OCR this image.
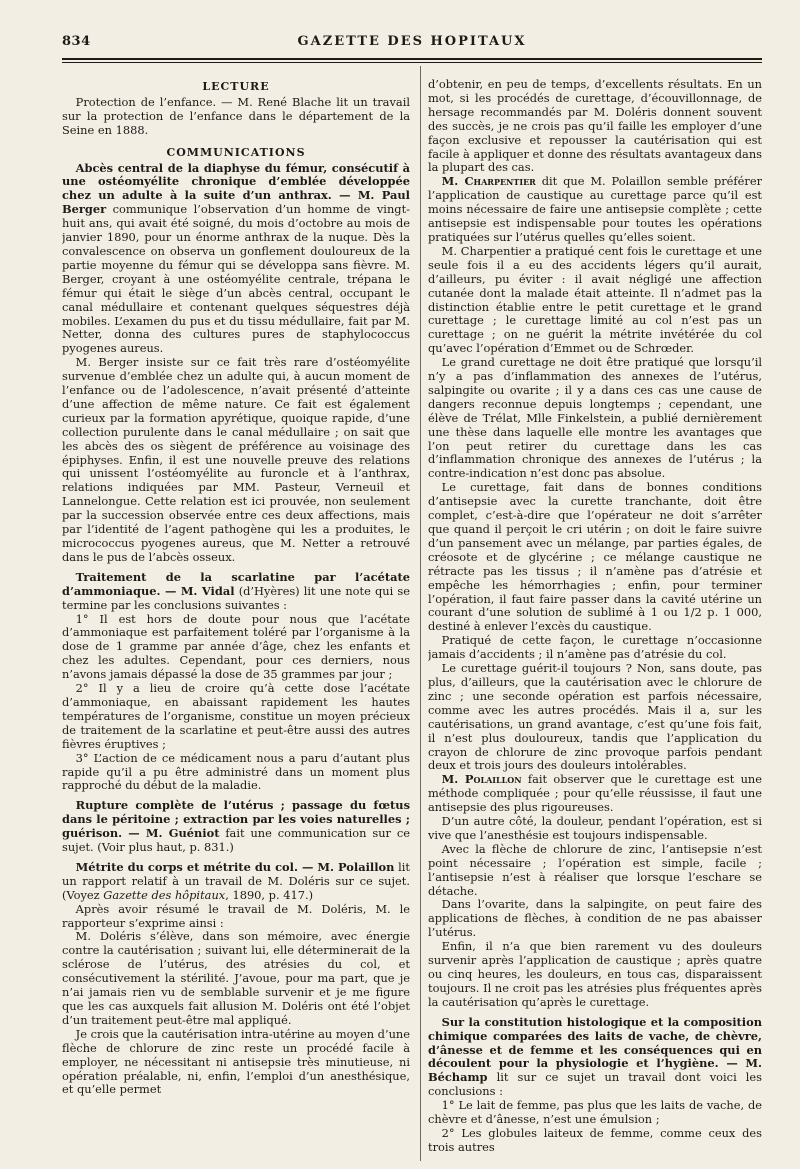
834	GAZETTE DES HOPITAUX
LECTURE

Protection de l’enfance. — M. René Blache lit un travail sur la protection de l’enfance dans le département de la Seine en 1888.

COMMUNICATIONS

Abcès central de la diaphyse du fémur, consécutif à une ostéomyélite chronique d’emblée développée chez un adulte à la suite d’un anthrax. — M. Paul Berger communique l’observation d’un homme de vingt-huit ans, qui avait été soigné, du mois d’octobre au mois de janvier 1890, pour un énorme anthrax de la nuque. Dès la convalescence on observa un gonflement douloureux de la partie moyenne du fémur qui se développa sans fièvre. M. Berger, croyant à une ostéomyélite centrale, trépana le fémur qui était le siège d’un abcès central, occupant le canal médullaire et contenant quelques séquestres déjà mobiles. L’examen du pus et du tissu médullaire, fait par M. Netter, donna des cultures pures de staphylococcus pyogenes aureus.

M. Berger insiste sur ce fait très rare d’ostéomyélite survenue d’emblée chez un adulte qui, à aucun moment de l’enfance ou de l’adolescence, n’avait présenté d’atteinte d’une affection de même nature. Ce fait est également curieux par la formation apyrétique, quoique rapide, d’une collection purulente dans le canal médullaire ; on sait que les abcès des os siègent de préférence au voisinage des épiphyses. Enfin, il est une nouvelle preuve des relations qui unissent l’ostéomyélite au furoncle et à l’anthrax, relations indiquées par MM. Pasteur, Verneuil et Lannelongue. Cette relation est ici prouvée, non seulement par la succession observée entre ces deux affections, mais par l’identité de l’agent pathogène qui les a produites, le micrococcus pyogenes aureus, que M. Netter a retrouvé dans le pus de l’abcès osseux.

Traitement de la scarlatine par l’acétate d’ammoniaque. — M. Vidal (d’Hyères) lit une note qui se termine par les conclusions suivantes :

1° Il est hors de doute pour nous que l’acétate d’ammoniaque est parfaitement toléré par l’organisme à la dose de 1 gramme par année d’âge, chez les enfants et chez les adultes. Cependant, pour ces derniers, nous n’avons jamais dépassé la dose de 35 grammes par jour ;

2° Il y a lieu de croire qu’à cette dose l’acétate d’ammoniaque, en abaissant rapidement les hautes températures de l’organisme, constitue un moyen précieux de traitement de la scarlatine et peut-être aussi des autres fièvres éruptives ;

3° L’action de ce médicament nous a paru d’autant plus rapide qu’il a pu être administré dans un moment plus rapproché du début de la maladie.

Rupture complète de l’utérus ; passage du fœtus dans le péritoine ; extraction par les voies naturelles ; guérison. — M. Guéniot fait une communication sur ce sujet. (Voir plus haut, p. 831.)

Métrite du corps et métrite du col. — M. Polaillon lit un rapport relatif à un travail de M. Doléris sur ce sujet. (Voyez Gazette des hôpitaux, 1890, p. 417.)

Après avoir résumé le travail de M. Doléris, M. le rapporteur s’exprime ainsi :

M. Doléris s’élève, dans son mémoire, avec énergie contre la cautérisation ; suivant lui, elle déterminerait de la sclérose de l’utérus, des atrésies du col, et consécutivement la stérilité. J’avoue, pour ma part, que je n’ai jamais rien vu de semblable survenir et je me figure que les cas auxquels fait allusion M. Doléris ont été l’objet d’un traitement peut-être mal appliqué.

Je crois que la cautérisation intra-utérine au moyen d’une flèche de chlorure de zinc reste un procédé facile à employer, ne nécessitant ni antisepsie très minutieuse, ni opération préalable, ni, enfin, l’emploi d’un anesthésique, et qu’elle permet

d’obtenir, en peu de temps, d’excellents résultats. En un mot, si les procédés de curettage, d’écouvillonnage, de hersage recommandés par M. Doléris donnent souvent des succès, je ne crois pas qu’il faille les employer d’une façon exclusive et repousser la cautérisation qui est facile à appliquer et donne des résultats avantageux dans la plupart des cas.

M. Charpentier dit que M. Polaillon semble préférer l’application de caustique au curettage parce qu’il est moins nécessaire de faire une antisepsie complète ; cette antisepsie est indispensable pour toutes les opérations pratiquées sur l’utérus quelles qu’elles soient.

M. Charpentier a pratiqué cent fois le curettage et une seule fois il a eu des accidents légers qu’il aurait, d’ailleurs, pu éviter : il avait négligé une affection cutanée dont la malade était atteinte. Il n’admet pas la distinction établie entre le petit curettage et le grand curettage ; le curettage limité au col n’est pas un curettage ; on ne guérit la métrite invétérée du col qu’avec l’opération d’Emmet ou de Schrœder.

Le grand curettage ne doit être pratiqué que lorsqu’il n’y a pas d’inflammation des annexes de l’utérus, salpingite ou ovarite ; il y a dans ces cas une cause de dangers reconnue depuis longtemps ; cependant, une élève de Trélat, Mlle Finkelstein, a publié dernièrement une thèse dans laquelle elle montre les avantages que l’on peut retirer du curettage dans les cas d’inflammation chronique des annexes de l’utérus ; la contre-indication n’est donc pas absolue.

Le curettage, fait dans de bonnes conditions d’antisepsie avec la curette tranchante, doit être complet, c’est-à-dire que l’opérateur ne doit s’arrêter que quand il perçoit le cri utérin ; on doit le faire suivre d’un pansement avec un mélange, par parties égales, de créosote et de glycérine ; ce mélange caustique ne rétracte pas les tissus ; il n’amène pas d’atrésie et empêche les hémorrhagies ; enfin, pour terminer l’opération, il faut faire passer dans la cavité utérine un courant d’une solution de sublimé à 1 ou 1/2 p. 1 000, destiné à enlever l’excès du caustique.

Pratiqué de cette façon, le curettage n’occasionne jamais d’accidents ; il n’amène pas d’atrésie du col.

Le curettage guérit-il toujours ? Non, sans doute, pas plus, d’ailleurs, que la cautérisation avec le chlorure de zinc ; une seconde opération est parfois nécessaire, comme avec les autres procédés. Mais il a, sur les cautérisations, un grand avantage, c’est qu’une fois fait, il n’est plus douloureux, tandis que l’application du crayon de chlorure de zinc provoque parfois pendant deux et trois jours des douleurs intolérables.

M. Polaillon fait observer que le curettage est une méthode compliquée ; pour qu’elle réussisse, il faut une antisepsie des plus rigoureuses.

D’un autre côté, la douleur, pendant l’opération, est si vive que l’anesthésie est toujours indispensable.

Avec la flèche de chlorure de zinc, l’antisepsie n’est point nécessaire ; l’opération est simple, facile ; l’antisepsie n’est à réaliser que lorsque l’eschare se détache.

Dans l’ovarite, dans la salpingite, on peut faire des applications de flèches, à condition de ne pas abaisser l’utérus.

Enfin, il n’a que bien rarement vu des douleurs survenir après l’application de caustique ; après quatre ou cinq heures, les douleurs, en tous cas, disparaissent toujours. Il ne croit pas les atrésies plus fréquentes après la cautérisation qu’après le curettage.

Sur la constitution histologique et la composition chimique comparées des laits de vache, de chèvre, d’ânesse et de femme et les conséquences qui en découlent pour la physiologie et l’hygiène. — M. Béchamp lit sur ce sujet un travail dont voici les conclusions :

1° Le lait de femme, pas plus que les laits de vache, de chèvre et d’ânesse, n’est une émulsion ;

2° Les globules laiteux de femme, comme ceux des trois autres
